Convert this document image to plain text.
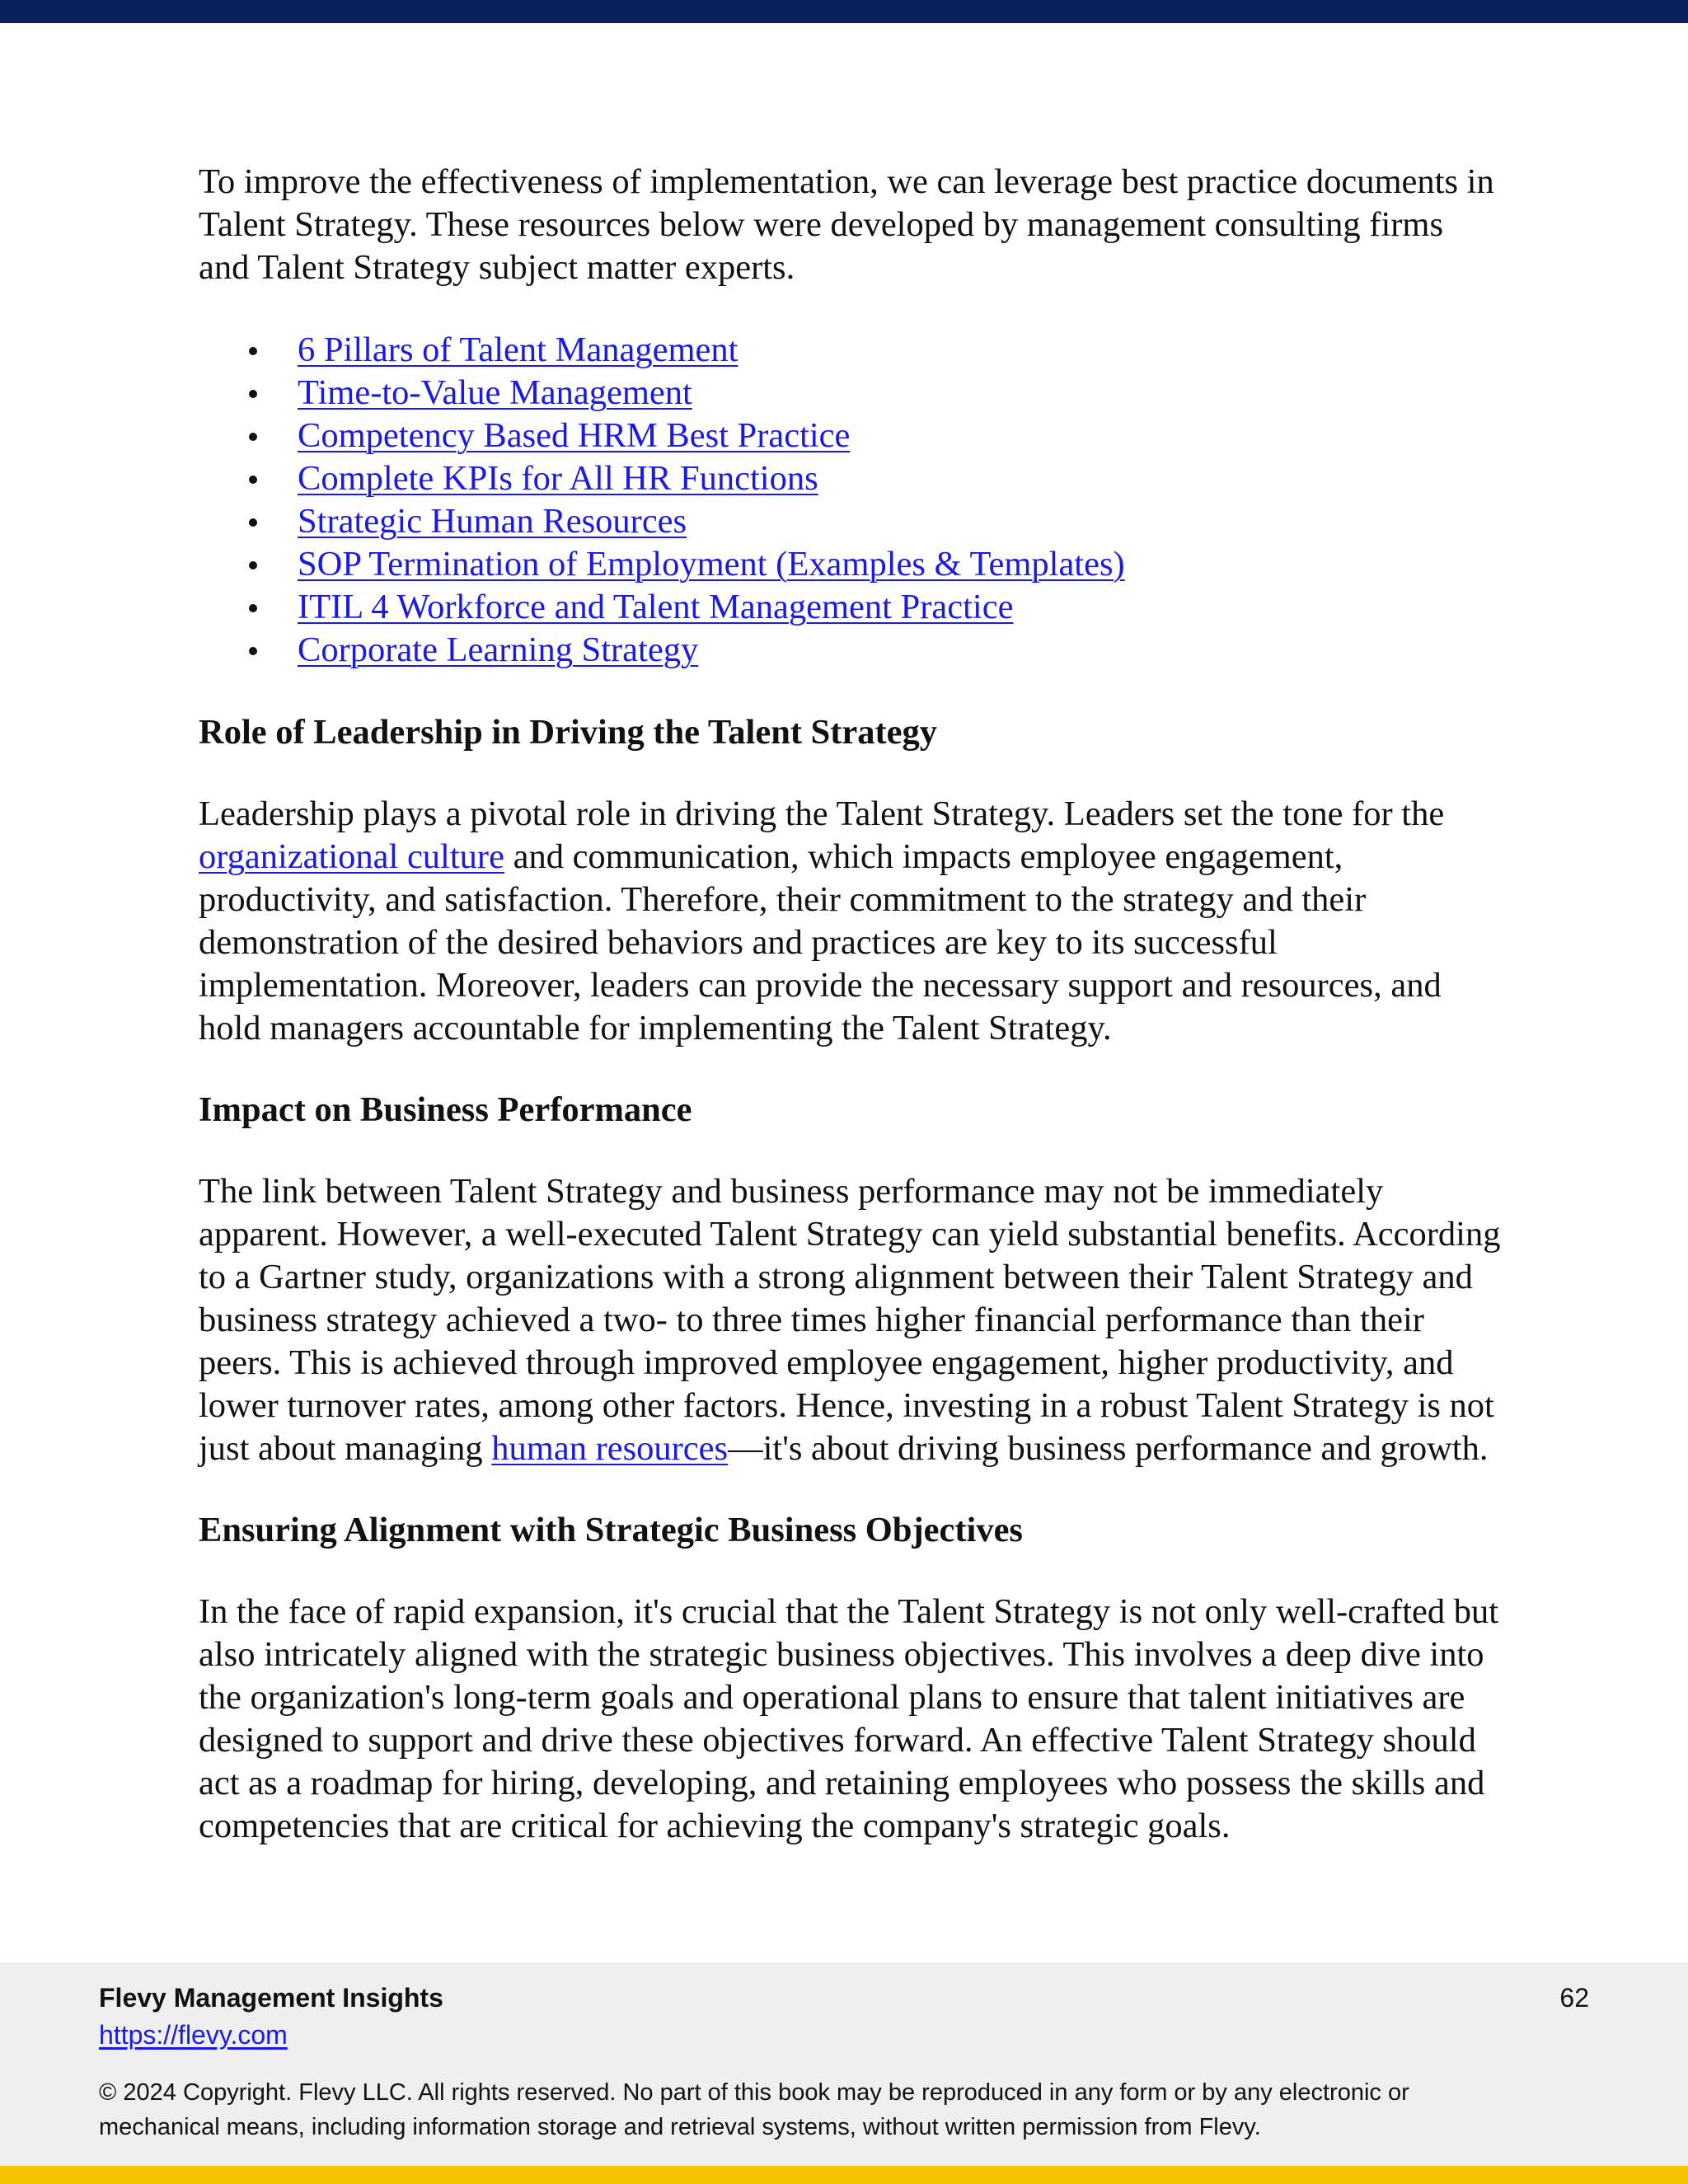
To improve the effectiveness of implementation, we can leverage best practice documents in Talent Strategy. These resources below were developed by management consulting firms and Talent Strategy subject matter experts.

6 Pillars of Talent Management
Time-to-Value Management
Competency Based HRM Best Practice
Complete KPIs for All HR Functions
Strategic Human Resources
SOP Termination of Employment (Examples & Templates)
ITIL 4 Workforce and Talent Management Practice
Corporate Learning Strategy
Role of Leadership in Driving the Talent Strategy

Leadership plays a pivotal role in driving the Talent Strategy. Leaders set the tone for the organizational culture and communication, which impacts employee engagement, productivity, and satisfaction. Therefore, their commitment to the strategy and their demonstration of the desired behaviors and practices are key to its successful implementation. Moreover, leaders can provide the necessary support and resources, and hold managers accountable for implementing the Talent Strategy.

Impact on Business Performance

The link between Talent Strategy and business performance may not be immediately apparent. However, a well-executed Talent Strategy can yield substantial benefits. According to a Gartner study, organizations with a strong alignment between their Talent Strategy and business strategy achieved a two- to three times higher financial performance than their peers. This is achieved through improved employee engagement, higher productivity, and lower turnover rates, among other factors. Hence, investing in a robust Talent Strategy is not just about managing human resources—it's about driving business performance and growth.

Ensuring Alignment with Strategic Business Objectives

In the face of rapid expansion, it's crucial that the Talent Strategy is not only well-crafted but also intricately aligned with the strategic business objectives. This involves a deep dive into the organization's long-term goals and operational plans to ensure that talent initiatives are designed to support and drive these objectives forward. An effective Talent Strategy should act as a roadmap for hiring, developing, and retaining employees who possess the skills and competencies that are critical for achieving the company's strategic goals.

Flevy Management Insights
https://flevy.com
62
© 2024 Copyright. Flevy LLC. All rights reserved. No part of this book may be reproduced in any form or by any electronic or mechanical means, including information storage and retrieval systems, without written permission from Flevy.
